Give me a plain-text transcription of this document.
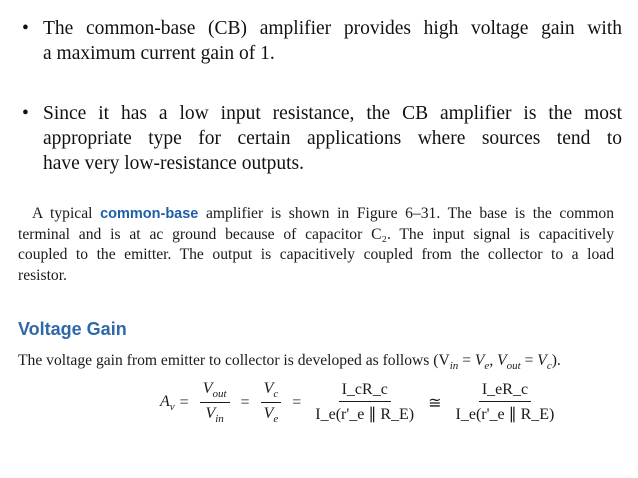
• The common-base (CB) amplifier provides high voltage gain with
a maximum current gain of 1.
• Since it has a low input resistance, the CB amplifier is the most
appropriate type for certain applications where sources tend to
have very low-resistance outputs.
A typical common-base amplifier is shown in Figure 6–31. The base is the common
terminal and is at ac ground because of capacitor C₂. The input signal is capacitively
coupled to the emitter. The output is capacitively coupled from the collector to a load
resistor.
Voltage Gain
The voltage gain from emitter to collector is developed as follows ($V_{in} = V_e$, $V_{out} = V_c$).
$A_v = \frac{V_{out}}{V_{in}} = \frac{V_c}{V_e} = \frac{I\_cR\_c}{I\_e(r'\_e \parallel R\_E)}$ ≅ $\frac{I\_eR\_c}{I\_e(r'\_e \parallel R\_E)}$
